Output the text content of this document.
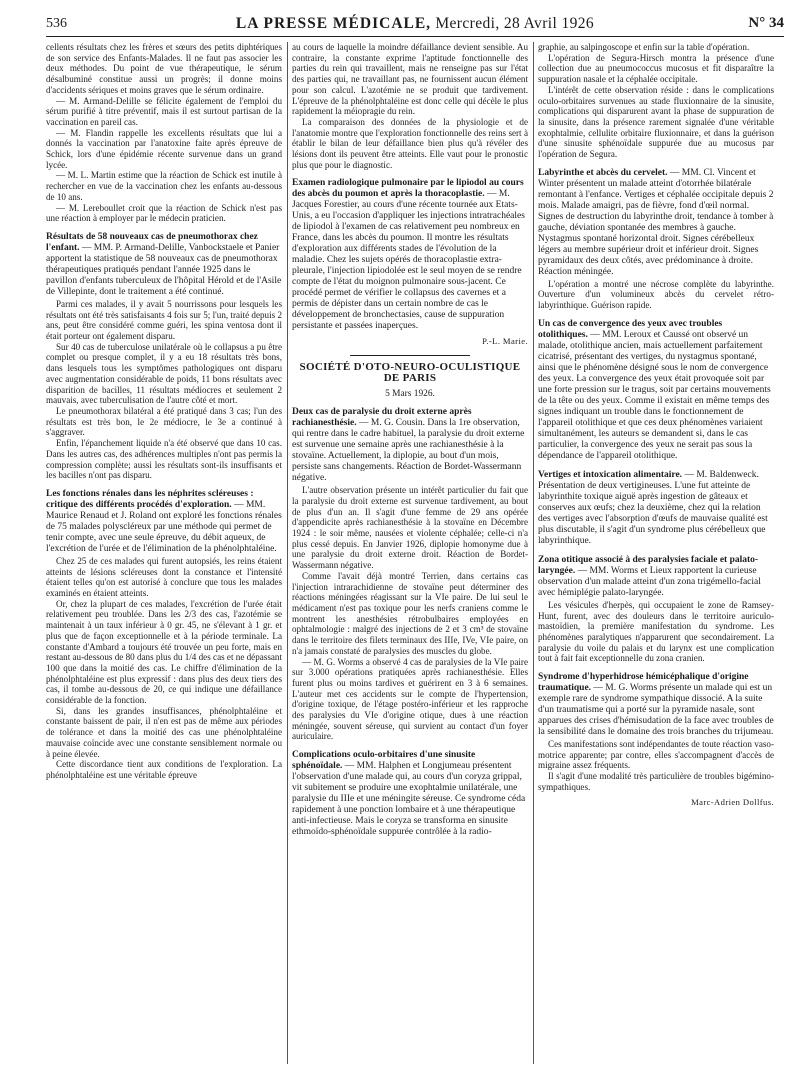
536	LA PRESSE MÉDICALE, Mercredi, 28 Avril 1926	N° 34

cellents résultats chez les frères et sœurs des petits diphtériques de son service des Enfants-Malades. Il ne faut pas associer les deux méthodes. Du point de vue thérapeutique, le sérum désalbuminé constitue aussi un progrès; il donne moins d'accidents sériques et moins graves que le sérum ordinaire.

— M. Armand-Delille se félicite également de l'emploi du sérum purifié à titre préventif, mais il est surtout partisan de la vaccination en pareil cas.

— M. Flandin rappelle les excellents résultats que lui a donnés la vaccination par l'anatoxine faite après épreuve de Schick, lors d'une épidémie récente survenue dans un grand lycée.

— M. L. Martin estime que la réaction de Schick est inutile à rechercher en vue de la vaccination chez les enfants au-dessous de 10 ans.

— M. Lereboullet croit que la réaction de Schick n'est pas une réaction à employer par le médecin praticien.

Résultats de 58 nouveaux cas de pneumothorax chez l'enfant. — MM. P. Armand-Delille, Vanbockstaele et Panier apportent la statistique de 58 nouveaux cas de pneumothorax thérapeutiques pratiqués pendant l'année 1925 dans le pavillon d'enfants tuberculeux de l'hôpital Hérold et de l'Asile de Villepinte, dont le traitement a été continué.

Parmi ces malades, il y avait 5 nourrissons pour lesquels les résultats ont été très satisfaisants 4 fois sur 5; l'un, traité depuis 2 ans, peut être considéré comme guéri, les spina ventosa dont il était porteur ont également disparu.

Sur 40 cas de tuberculose unilatérale où le collapsus a pu être complet ou presque complet, il y a eu 18 résultats très bons, dans lesquels tous les symptômes pathologiques ont disparu avec augmentation considérable de poids, 11 bons résultats avec disparition de bacilles, 11 résultats médiocres et seulement 2 mauvais, avec tuberculisation de l'autre côté et mort.

Le pneumothorax bilatéral a été pratiqué dans 3 cas; l'un des résultats est très bon, le 2e médiocre, le 3e a continué à s'aggraver.

Enfin, l'épanchement liquide n'a été observé que dans 10 cas. Dans les autres cas, des adhérences multiples n'ont pas permis la compression complète; aussi les résultats sont-ils insuffisants et les bacilles n'ont pas disparu.

Les fonctions rénales dans les néphrites scléreuses : critique des différents procédés d'exploration. — MM. Maurice Renaud et J. Roland ont exploré les fonctions rénales de 75 malades polyscléreux par une méthode qui permet de tenir compte, avec une seule épreuve, du débit aqueux, de l'excrétion de l'urée et de l'élimination de la phénolphtaléine.

Chez 25 de ces malades qui furent autopsiés, les reins étaient atteints de lésions scléreuses dont la constance et l'intensité étaient telles qu'on est autorisé à conclure que tous les malades examinés en étaient atteints.

Or, chez la plupart de ces malades, l'excrétion de l'urée était relativement peu troublée. Dans les 2/3 des cas, l'azotémie se maintenait à un taux inférieur à 0 gr. 45, ne s'élevant à 1 gr. et plus que de façon exceptionnelle et à la période terminale. La constante d'Ambard a toujours été trouvée un peu forte, mais en restant au-dessous de 80 dans plus du 1/4 des cas et ne dépassant 100 que dans la moitié des cas. Le chiffre d'élimination de la phénolphtaléine est plus expressif : dans plus des deux tiers des cas, il tombe au-dessous de 20, ce qui indique une défaillance considérable de la fonction.

Si, dans les grandes insuffisances, phénolphtaléine et constante baissent de pair, il n'en est pas de même aux périodes de tolérance et dans la moitié des cas une phénolphtaléine mauvaise coïncide avec une constante sensiblement normale ou à peine élevée.

Cette discordance tient aux conditions de l'exploration. La phénolphtaléine est une véritable épreuve

au cours de laquelle la moindre défaillance devient sensible. Au contraire, la constante exprime l'aptitude fonctionnelle des parties du rein qui travaillent, mais ne renseigne pas sur l'état des parties qui, ne travaillant pas, ne fournissent aucun élément pour son calcul. L'azotémie ne se produit que tardivement. L'épreuve de la phénolphtaléine est donc celle qui décèle le plus rapidement la méiopragie du rein.

La comparaison des données de la physiologie et de l'anatomie montre que l'exploration fonctionnelle des reins sert à établir le bilan de leur défaillance bien plus qu'à révéler des lésions dont ils peuvent être atteints. Elle vaut pour le pronostic plus que pour le diagnostic.

Examen radiologique pulmonaire par le lipiodol au cours des abcès du poumon et après la thoracoplastie. — M. Jacques Forestier, au cours d'une récente tournée aux Etats-Unis, a eu l'occasion d'appliquer les injections intratrachéales de lipiodol à l'examen de cas relativement peu nombreux en France, dans les abcès du poumon. Il montre les résultats d'exploration aux différents stades de l'évolution de la maladie. Chez les sujets opérés de thoracoplastie extra-pleurale, l'injection lipiodolée est le seul moyen de se rendre compte de l'état du moignon pulmonaire sous-jacent. Ce procédé permet de vérifier le collapsus des cavernes et a permis de dépister dans un certain nombre de cas le développement de bronchectasies, cause de suppuration persistante et passées inaperçues.
P.-L. Marie.
SOCIÉTÉ D'OTO-NEURO-OCULISTIQUE DE PARIS
5 Mars 1926.
Deux cas de paralysie du droit externe après rachianesthésie. — M. G. Cousin. Dans la 1re observation, qui rentre dans le cadre habituel, la paralysie du droit externe est survenue une semaine après une rachianesthésie à la stovaïne. Actuellement, la diplopie, au bout d'un mois, persiste sans changements. Réaction de Bordet-Wassermann négative.

L'autre observation présente un intérêt particulier du fait que la paralysie du droit externe est survenue tardivement, au bout de plus d'un an. Il s'agit d'une femme de 29 ans opérée d'appendicite après rachianesthésie à la stovaïne en Décembre 1924 : le soir même, nausées et violente céphalée; celle-ci n'a plus cessé depuis. En Janvier 1926, diplopie homonyme due à une paralysie du droit externe droit. Réaction de Bordet-Wassermann négative.

Comme l'avait déjà montré Terrien, dans certains cas l'injection intrarachidienne de stovaïne peut déterminer des réactions méningées réagissant sur la VIe paire. De lui seul le médicament n'est pas toxique pour les nerfs craniens comme le montrent les anesthésies rétrobulbaires employées en ophtalmologie : malgré des injections de 2 et 3 cm³ de stovaïne dans le territoire des filets terminaux des IIIe, IVe, VIe paire, on n'a jamais constaté de paralysies des muscles du globe.

— M. G. Worms a observé 4 cas de paralysies de la VIe paire sur 3.000 opérations pratiquées après rachianesthésie. Elles furent plus ou moins tardives et guérirent en 3 à 6 semaines. L'auteur met ces accidents sur le compte de l'hypertension, d'origine toxique, de l'étage postéro-inférieur et les rapproche des paralysies du VIe d'origine otique, dues à une réaction méningée, souvent séreuse, qui survient au contact d'un foyer auriculaire.

Complications oculo-orbitaires d'une sinusite sphénoïdale. — MM. Halphen et Longjumeau présentent l'observation d'une malade qui, au cours d'un coryza grippal, vit subitement se produire une exophtalmie unilatérale, une paralysie du IIIe et une méningite séreuse. Ce syndrome céda rapidement à une ponction lombaire et à une thérapeutique anti-infectieuse. Mais le coryza se transforma en sinusite ethmoïdo-sphénoïdale suppurée contrôlée à la radio-

graphie, au salpingoscope et enfin sur la table d'opération.

L'opération de Segura-Hirsch montra la présence d'une collection due au pneumococcus mucosus et fit disparaître la suppuration nasale et la céphalée occipitale.

L'intérêt de cette observation réside : dans le complications oculo-orbitaires survenues au stade fluxionnaire de la sinusite, complications qui disparurent avant la phase de suppuration de la sinusite, dans la présence rarement signalée d'une véritable exophtalmie, cellulite orbitaire fluxionnaire, et dans la guérison d'une sinusite sphénoïdale suppurée due au mucosus par l'opération de Segura.

Labyrinthe et abcès du cervelet. — MM. Cl. Vincent et Winter présentent un malade atteint d'otorrhée bilatérale remontant à l'enfance. Vertiges et céphalée occipitale depuis 2 mois. Malade amaigri, pas de fièvre, fond d'œil normal. Signes de destruction du labyrinthe droit, tendance à tomber à gauche, déviation spontanée des membres à gauche. Nystagmus spontané horizontal droit. Signes cérébelleux légers au membre supérieur droit et inférieur droit. Signes pyramidaux des deux côtés, avec prédominance à droite. Réaction méningée.

L'opération a montré une nécrose complète du labyrinthe. Ouverture d'un volumineux abcès du cervelet rétro-labyrinthique. Guérison rapide.

Un cas de convergence des yeux avec troubles otolithiques. — MM. Leroux et Caussé ont observé un malade, otolithique ancien, mais actuellement parfaitement cicatrisé, présentant des vertiges, du nystagmus spontané, ainsi que le phénomène désigné sous le nom de convergence des yeux. La convergence des yeux était provoquée soit par une forte pression sur le tragus, soit par certains mouvements de la tête ou des yeux. Comme il existait en même temps des signes indiquant un trouble dans le fonctionnement de l'appareil otolithique et que ces deux phénomènes variaient simultanément, les auteurs se demandent si, dans le cas particulier, la convergence des yeux ne serait pas sous la dépendance de l'appareil otolithique.
Vertiges et intoxication alimentaire. — M. Baldenweck. Présentation de deux vertigineuses. L'une fut atteinte de labyrinthite toxique aiguë après ingestion de gâteaux et conserves aux œufs; chez la deuxième, chez qui la relation des vertiges avec l'absorption d'œufs de mauvaise qualité est plus discutable, il s'agit d'un syndrome plus cérébelleux que labyrinthique.
Zona otitique associé à des paralysies faciale et palato-laryngée. — MM. Worms et Lieux rapportent la curieuse observation d'un malade atteint d'un zona trigémello-facial avec hémiplégie palato-laryngée.

Les vésicules d'herpès, qui occupaient le zone de Ramsey-Hunt, furent, avec des douleurs dans le territoire auriculo-mastoïdien, la première manifestation du syndrome. Les phénomènes paralytiques n'apparurent que secondairement. La paralysie du voile du palais et du larynx est une complication tout à fait fait exceptionnelle du zona cranien.

Syndrome d'hyperhidrose hémicéphalique d'origine traumatique. — M. G. Worms présente un malade qui est un exemple rare de syndrome sympathique dissocié. A la suite d'un traumatisme qui a porté sur la pyramide nasale, sont apparues des crises d'hémisudation de la face avec troubles de la sensibilité dans le domaine des trois branches du trijumeau.

Ces manifestations sont indépendantes de toute réaction vaso-motrice apparente; par contre, elles s'accompagnent d'accès de migraine assez fréquents.

Il s'agit d'une modalité très particulière de troubles bigémino-sympathiques.

Marc-Adrien Dollfus.
